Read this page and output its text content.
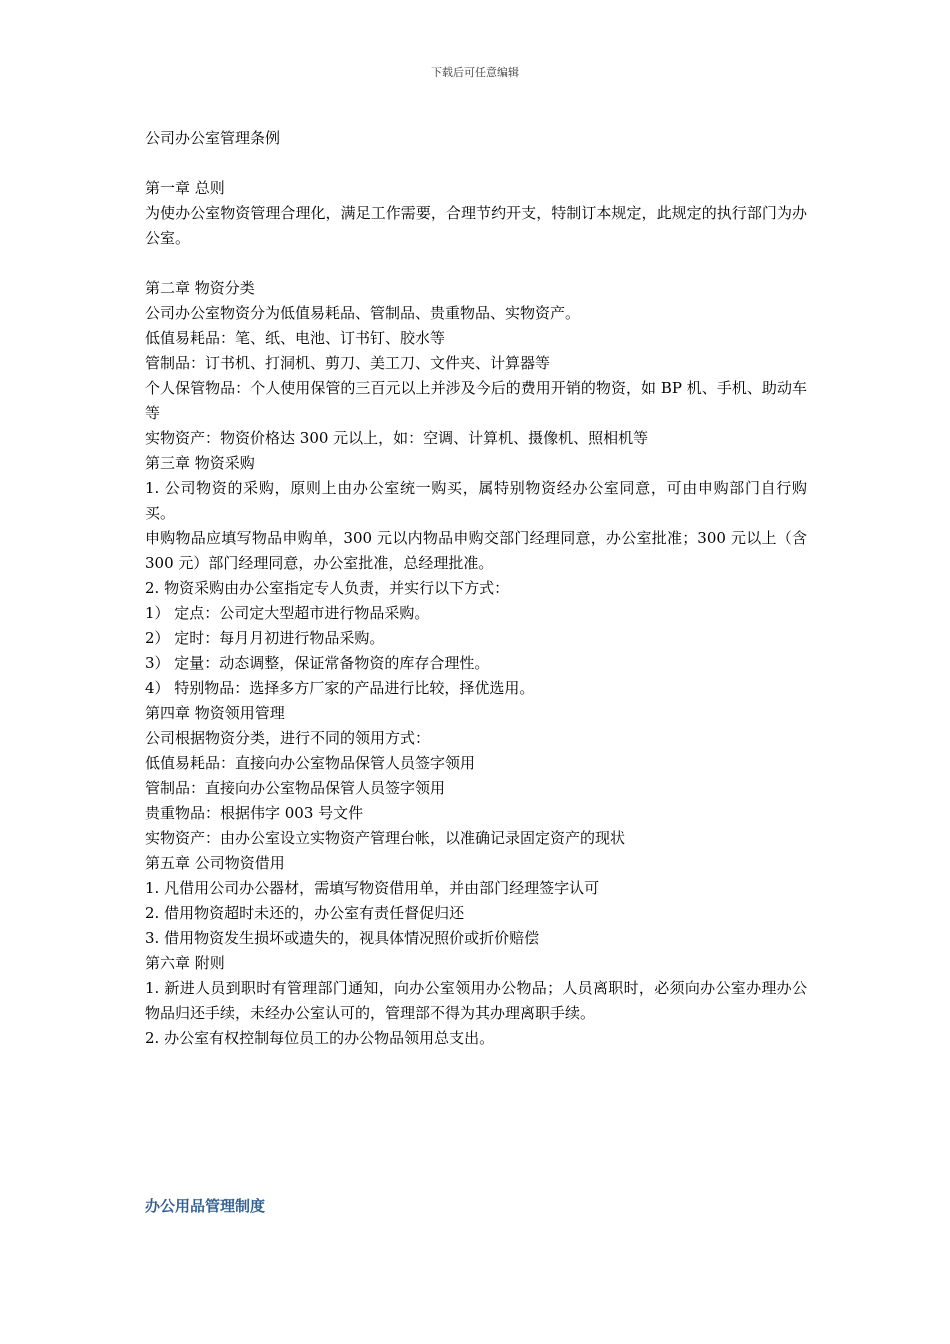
下载后可任意编辑
公司办公室管理条例
第一章 总则
为使办公室物资管理合理化，满足工作需要，合理节约开支，特制订本规定，此规定的执行部门为办公室。
第二章 物资分类
公司办公室物资分为低值易耗品、管制品、贵重物品、实物资产。
低值易耗品：笔、纸、电池、订书钉、胶水等
管制品：订书机、打洞机、剪刀、美工刀、文件夹、计算器等
个人保管物品：个人使用保管的三百元以上并涉及今后的费用开销的物资，如 BP 机、手机、助动车等
实物资产：物资价格达 300 元以上，如：空调、计算机、摄像机、照相机等
第三章 物资采购
1. 公司物资的采购，原则上由办公室统一购买，属特别物资经办公室同意，可由申购部门自行购买。
申购物品应填写物品申购单，300 元以内物品申购交部门经理同意，办公室批准；300 元以上（含 300 元）部门经理同意，办公室批准，总经理批准。
2. 物资采购由办公室指定专人负责，并实行以下方式：
1） 定点：公司定大型超市进行物品采购。
2） 定时：每月月初进行物品采购。
3） 定量：动态调整，保证常备物资的库存合理性。
4） 特别物品：选择多方厂家的产品进行比较，择优选用。
第四章 物资领用管理
公司根据物资分类，进行不同的领用方式：
低值易耗品：直接向办公室物品保管人员签字领用
管制品：直接向办公室物品保管人员签字领用
贵重物品：根据伟字 003 号文件
实物资产：由办公室设立实物资产管理台帐，以准确记录固定资产的现状
第五章 公司物资借用
1. 凡借用公司办公器材，需填写物资借用单，并由部门经理签字认可
2. 借用物资超时未还的，办公室有责任督促归还
3. 借用物资发生损坏或遗失的，视具体情况照价或折价赔偿
第六章 附则
1. 新进人员到职时有管理部门通知，向办公室领用办公物品；人员离职时，必须向办公室办理办公物品归还手续，未经办公室认可的，管理部不得为其办理离职手续。
2. 办公室有权控制每位员工的办公物品领用总支出。
办公用品管理制度
